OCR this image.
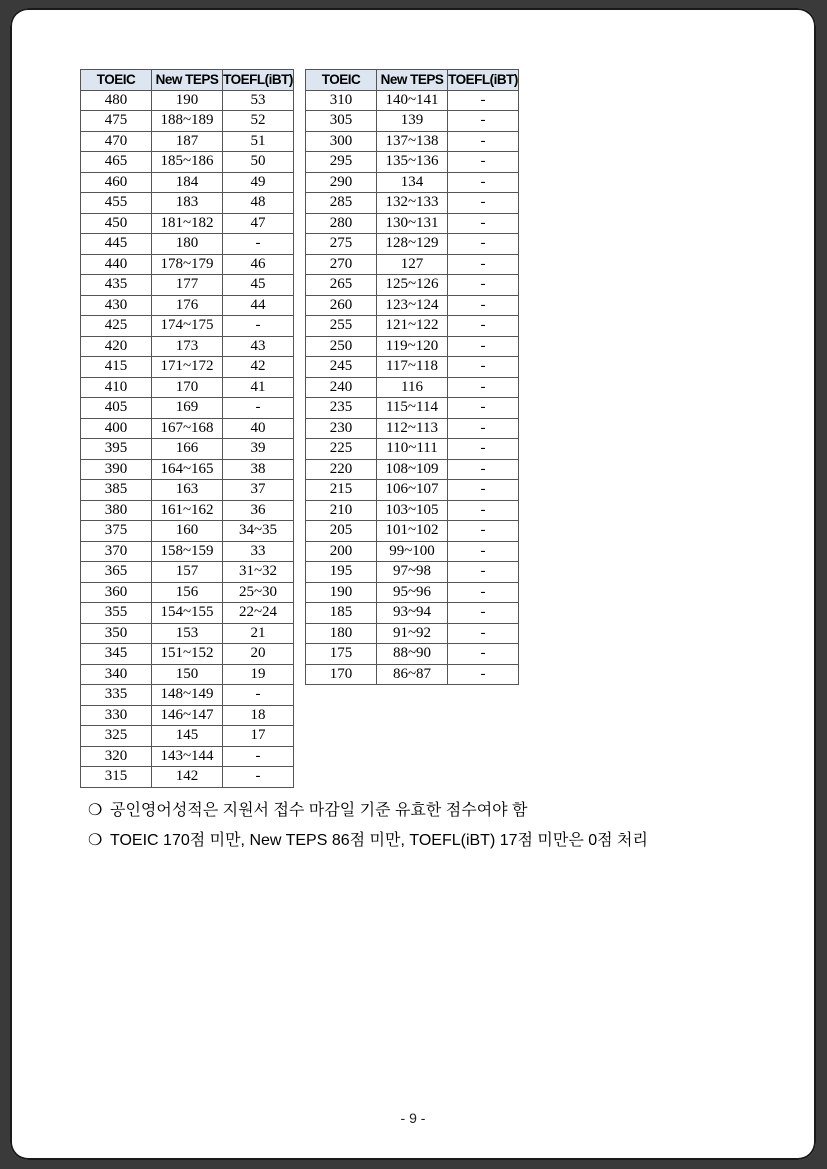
TOEIC	New TEPS	TOEFL(iBT)
480	190	53
475	188~189	52
470	187	51
465	185~186	50
460	184	49
455	183	48
450	181~182	47
445	180	-
440	178~179	46
435	177	45
430	176	44
425	174~175	-
420	173	43
415	171~172	42
410	170	41
405	169	-
400	167~168	40
395	166	39
390	164~165	38
385	163	37
380	161~162	36
375	160	34~35
370	158~159	33
365	157	31~32
360	156	25~30
355	154~155	22~24
350	153	21
345	151~152	20
340	150	19
335	148~149	-
330	146~147	18
325	145	17
320	143~144	-
315	142	-
TOEIC	New TEPS	TOEFL(iBT)
310	140~141	-
305	139	-
300	137~138	-
295	135~136	-
290	134	-
285	132~133	-
280	130~131	-
275	128~129	-
270	127	-
265	125~126	-
260	123~124	-
255	121~122	-
250	119~120	-
245	117~118	-
240	116	-
235	115~114	-
230	112~113	-
225	110~111	-
220	108~109	-
215	106~107	-
210	103~105	-
205	101~102	-
200	99~100	-
195	97~98	-
190	95~96	-
185	93~94	-
180	91~92	-
175	88~90	-
170	86~87	-
❍ 공인영어성적은 지원서 접수 마감일 기준 유효한 점수여야 함
❍ TOEIC 170점 미만, New TEPS 86점 미만, TOEFL(iBT) 17점 미만은 0점 처리
- 9 -
